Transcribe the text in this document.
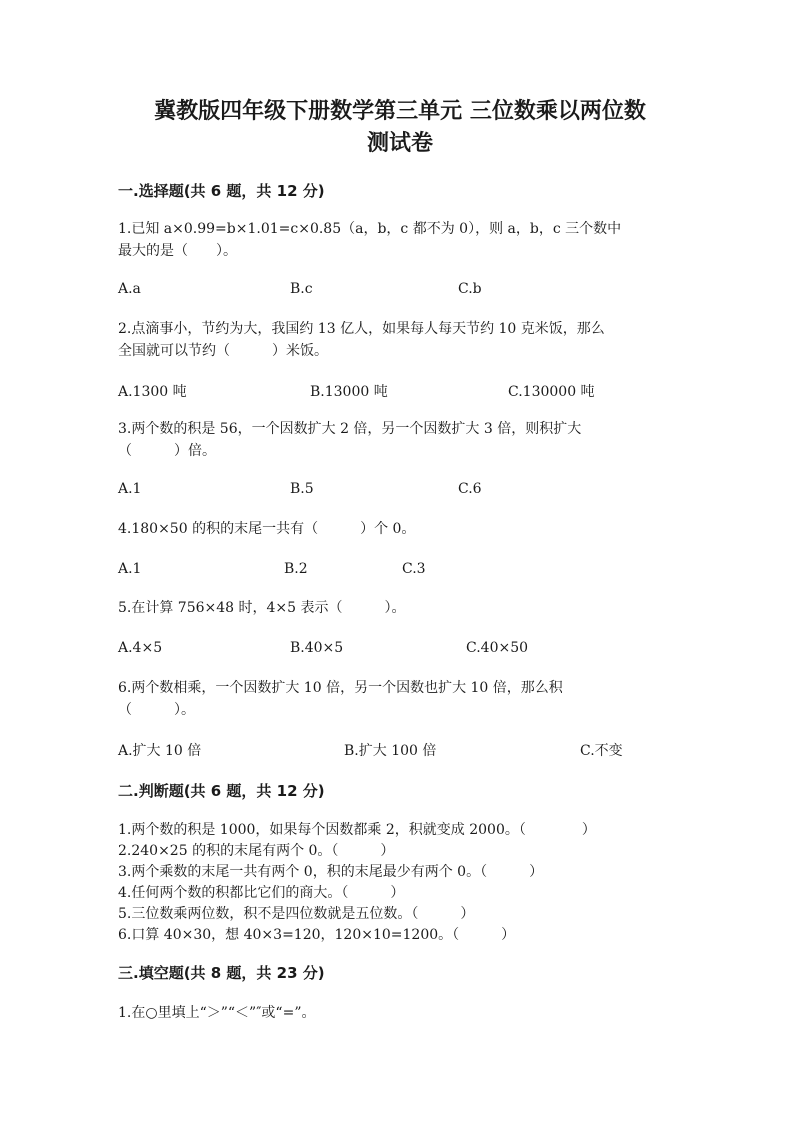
冀教版四年级下册数学第三单元 三位数乘以两位数
测试卷
一.选择题(共 6 题，共 12 分)
1.已知 a×0.99=b×1.01=c×0.85（a，b，c 都不为 0），则 a，b，c 三个数中
最大的是（　　）。
A.a	B.c	C.b
2.点滴事小，节约为大，我国约 13 亿人，如果每人每天节约 10 克米饭，那么
全国就可以节约（　　　）米饭。
A.1300 吨	B.13000 吨	C.130000 吨
3.两个数的积是 56，一个因数扩大 2 倍，另一个因数扩大 3 倍，则积扩大
（　　　）倍。
A.1	B.5	C.6
4.180×50 的积的末尾一共有（　　　）个 0。
A.1	B.2	C.3
5.在计算 756×48 时，4×5 表示（　　　）。
A.4×5	B.40×5	C.40×50
6.两个数相乘，一个因数扩大 10 倍，另一个因数也扩大 10 倍，那么积
（　　　）。
A.扩大 10 倍	B.扩大 100 倍	C.不变
二.判断题(共 6 题，共 12 分)
1.两个数的积是 1000，如果每个因数都乘 2，积就变成 2000。（　　　　）
2.240×25 的积的末尾有两个 0。（　　　）
3.两个乘数的末尾一共有两个 0，积的末尾最少有两个 0。（　　　）
4.任何两个数的积都比它们的商大。（　　　）
5.三位数乘两位数，积不是四位数就是五位数。（　　　）
6.口算 40×30，想 40×3=120，120×10=1200。（　　　）
三.填空题(共 8 题，共 23 分)
1.在○里填上“＞”“＜”″或“=”。
